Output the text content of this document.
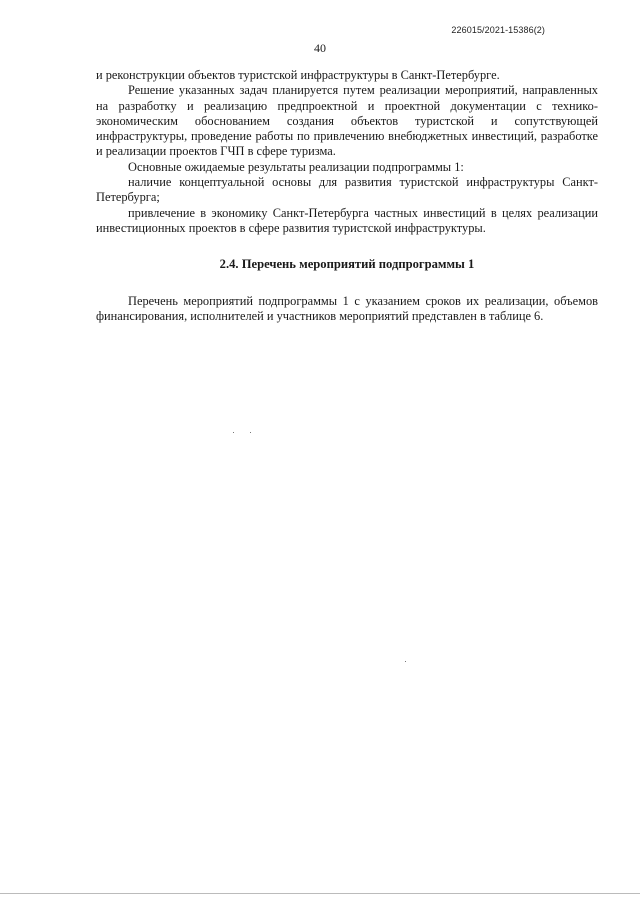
226015/2021-15386(2)
40

и реконструкции объектов туристской инфраструктуры в Санкт-Петербурге.

Решение указанных задач планируется путем реализации мероприятий, направленных на разработку и реализацию предпроектной и проектной документации с технико-экономическим обоснованием создания объектов туристской и сопутствующей инфраструктуры, проведение работы по привлечению внебюджетных инвестиций, разработке и реализации проектов ГЧП в сфере туризма.

Основные ожидаемые результаты реализации подпрограммы 1:

наличие концептуальной основы для развития туристской инфраструктуры Санкт-Петербурга;

привлечение в экономику Санкт-Петербурга частных инвестиций в целях реализации инвестиционных проектов в сфере развития туристской инфраструктуры.

2.4. Перечень мероприятий подпрограммы 1

Перечень мероприятий подпрограммы 1 с указанием сроков их реализации, объемов финансирования, исполнителей и участников мероприятий представлен в таблице 6.
